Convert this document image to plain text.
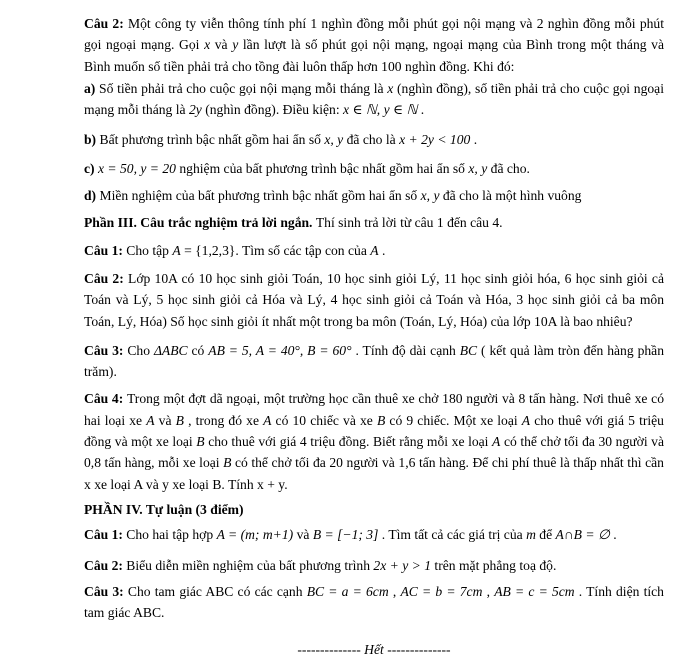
Câu 2: Một công ty viễn thông tính phí 1 nghìn đồng mỗi phút gọi nội mạng và 2 nghìn đồng mỗi phút gọi ngoại mạng. Gọi x và y lần lượt là số phút gọi nội mạng, ngoại mạng của Bình trong một tháng và Bình muốn số tiền phải trả cho tồng đài luôn thấp hơn 100 nghìn đồng. Khi đó:

a) Số tiền phải trả cho cuộc gọi nội mạng mỗi tháng là x (nghìn đồng), số tiền phải trả cho cuộc gọi ngoại mạng mỗi tháng là 2y (nghìn đồng). Điều kiện: x ∈ ℕ, y ∈ ℕ .

b) Bất phương trình bậc nhất gồm hai ẩn số x, y đã cho là x + 2y < 100 .

c) x = 50, y = 20 nghiệm của bất phương trình bậc nhất gồm hai ẩn số x, y đã cho.

d) Miền nghiệm của bất phương trình bậc nhất gồm hai ẩn số x, y đã cho là một hình vuông

Phần III. Câu trắc nghiệm trả lời ngắn. Thí sinh trả lời từ câu 1 đến câu 4.

Câu 1: Cho tập A = {1,2,3}. Tìm số các tập con của A .

Câu 2: Lớp 10A có 10 học sinh giỏi Toán, 10 học sinh giỏi Lý, 11 học sinh giỏi hóa, 6 học sinh giỏi cả Toán và Lý, 5 học sinh giỏi cả Hóa và Lý, 4 học sinh giỏi cả Toán và Hóa, 3 học sinh giỏi cả ba môn Toán, Lý, Hóa) Số học sinh giỏi ít nhất một trong ba môn (Toán, Lý, Hóa) của lớp 10A là bao nhiêu?

Câu 3: Cho ΔABC có AB = 5, A = 40°, B = 60° . Tính độ dài cạnh BC ( kết quả làm tròn đến hàng phần trăm).

Câu 4: Trong một đợt dã ngoại, một trường học cần thuê xe chở 180 người và 8 tấn hàng. Nơi thuê xe có hai loại xe A và B , trong đó xe A có 10 chiếc và xe B có 9 chiếc. Một xe loại A cho thuê với giá 5 triệu đồng và một xe loại B cho thuê với giá 4 triệu đồng. Biết rằng mỗi xe loại A có thể chở tối đa 30 người và 0,8 tấn hàng, mỗi xe loại B có thể chở tối đa 20 người và 1,6 tấn hàng. Để chi phí thuê là thấp nhất thì cần x xe loại A và y xe loại B. Tính x + y.

PHẦN IV. Tự luận (3 điểm)

Câu 1: Cho hai tập hợp A = (m; m+1) và B = [−1; 3] . Tìm tất cả các giá trị của m để A∩B = ∅ .

Câu 2: Biểu diễn miền nghiệm của bất phương trình 2x + y > 1 trên mặt phẳng toạ độ.

Câu 3: Cho tam giác ABC có các cạnh BC = a = 6cm , AC = b = 7cm , AB = c = 5cm . Tính diện tích tam giác ABC.

-------------- Hết --------------
